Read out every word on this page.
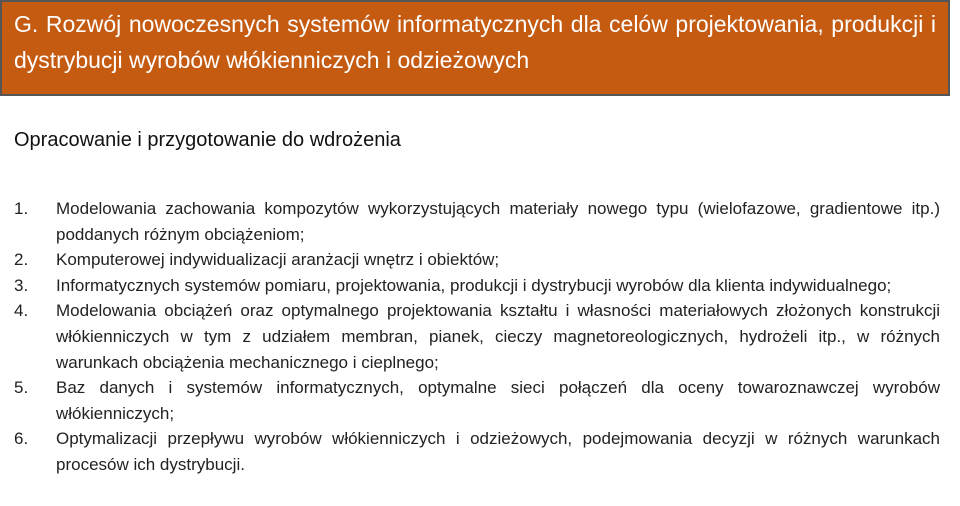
G. Rozwój nowoczesnych systemów informatycznych dla celów projektowania, produkcji i dystrybucji wyrobów włókienniczych i odzieżowych
Opracowanie i przygotowanie do wdrożenia
1.	Modelowania zachowania kompozytów wykorzystujących materiały nowego typu (wielofazowe, gradientowe itp.) poddanych różnym obciążeniom;
2.	Komputerowej indywidualizacji aranżacji wnętrz i obiektów;
3.	Informatycznych systemów pomiaru, projektowania, produkcji i dystrybucji wyrobów dla klienta indywidualnego;
4.	Modelowania obciążeń oraz optymalnego projektowania kształtu i własności materiałowych złożonych konstrukcji włókienniczych w tym z udziałem membran, pianek, cieczy magnetoreologicznych, hydrożeli itp., w różnych warunkach obciążenia mechanicznego i cieplnego;
5.	Baz danych i systemów informatycznych, optymalne sieci połączeń dla oceny towaroznawczej wyrobów włókienniczych;
6.	Optymalizacji przepływu wyrobów włókienniczych i odzieżowych, podejmowania decyzji w różnych warunkach procesów ich dystrybucji.
